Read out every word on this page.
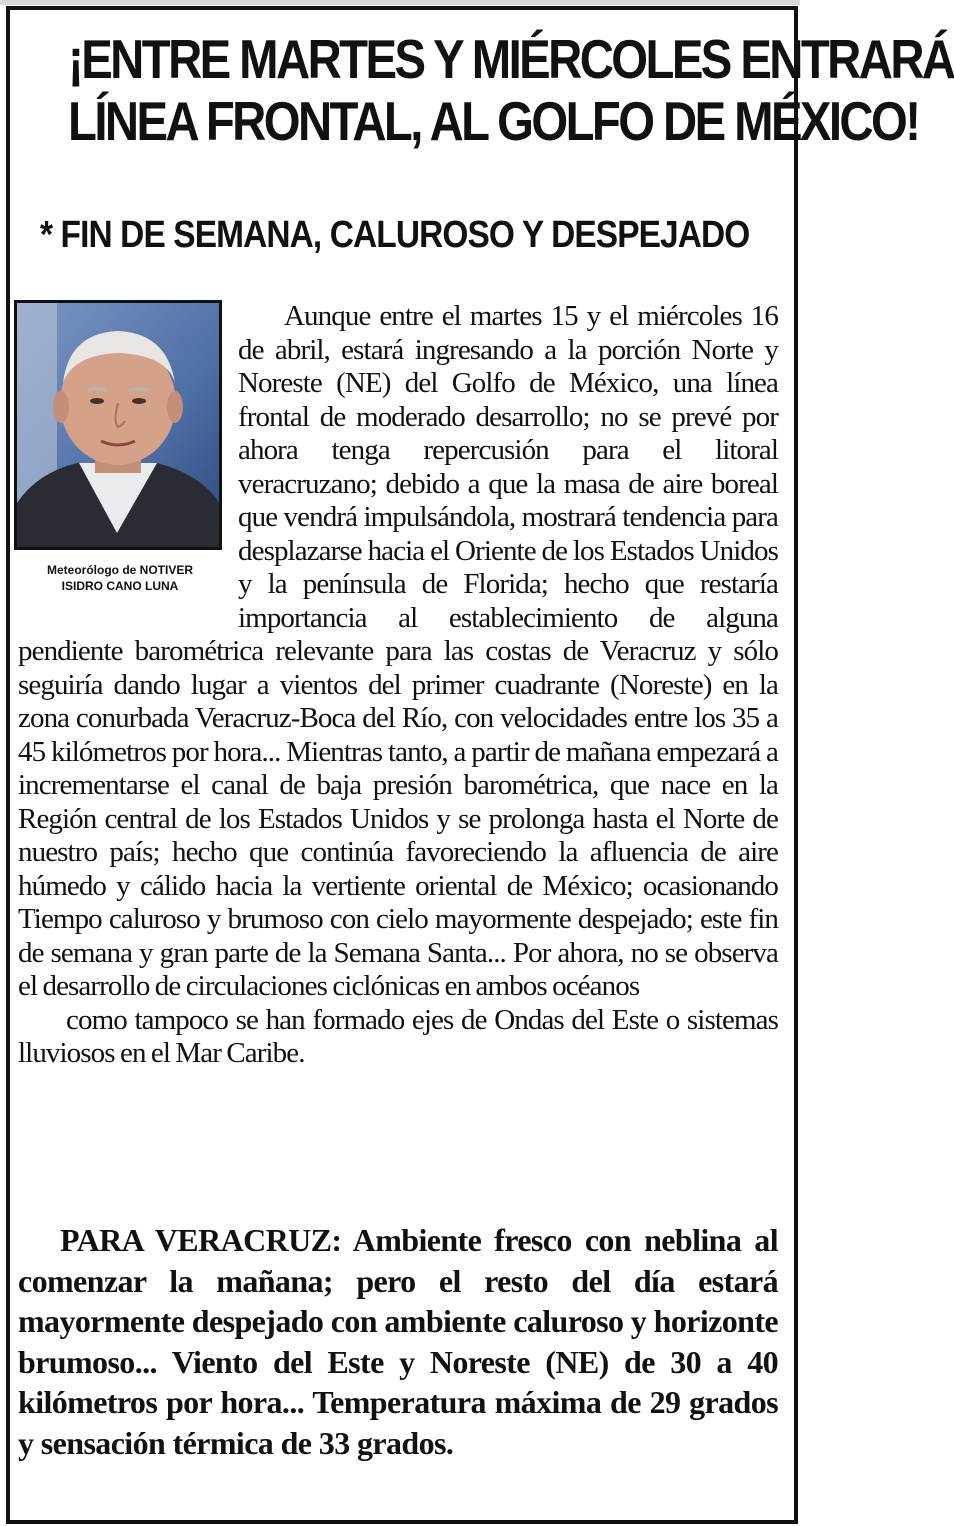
¡ENTRE MARTES Y MIÉRCOLES ENTRARÁ
LÍNEA FRONTAL, AL GOLFO DE MÉXICO!
* FIN DE SEMANA, CALUROSO Y DESPEJADO
Meteorólogo de NOTIVER
ISIDRO CANO LUNA

Aunque entre el martes 15 y el miércoles 16 de abril, estará ingresando a la porción Norte y Noreste (NE) del Golfo de México, una línea frontal de moderado desarrollo; no se prevé por ahora tenga repercusión para el litoral veracruzano; debido a que la masa de aire boreal que vendrá impulsándola, mostrará tendencia para desplazarse hacia el Oriente de los Estados Unidos y la península de Florida; hecho que restaría importancia al establecimiento de alguna pendiente barométrica relevante para las costas de Veracruz y sólo seguiría dando lugar a vientos del primer cuadrante (Noreste) en la zona conurbada Veracruz-Boca del Río, con velocidades entre los 35 a 45 kilómetros por hora... Mientras tanto, a partir de mañana empezará a incrementarse el canal de baja presión barométrica, que nace en la Región central de los Estados Unidos y se prolonga hasta el Norte de nuestro país; hecho que continúa favoreciendo la afluencia de aire húmedo y cálido hacia la vertiente oriental de México; ocasionando Tiempo caluroso y brumoso con cielo mayormente despejado; este fin de semana y gran parte de la Semana Santa... Por ahora, no se observa el desarrollo de circulaciones ciclónicas en ambos océanos

como tampoco se han formado ejes de Ondas del Este o sistemas lluviosos en el Mar Caribe.

PARA VERACRUZ: Ambiente fresco con neblina al comenzar la mañana; pero el resto del día estará mayormente despejado con ambiente caluroso y horizonte brumoso... Viento del Este y Noreste (NE) de 30 a 40 kilómetros por hora... Temperatura máxima de 29 grados y sensación térmica de 33 grados.
